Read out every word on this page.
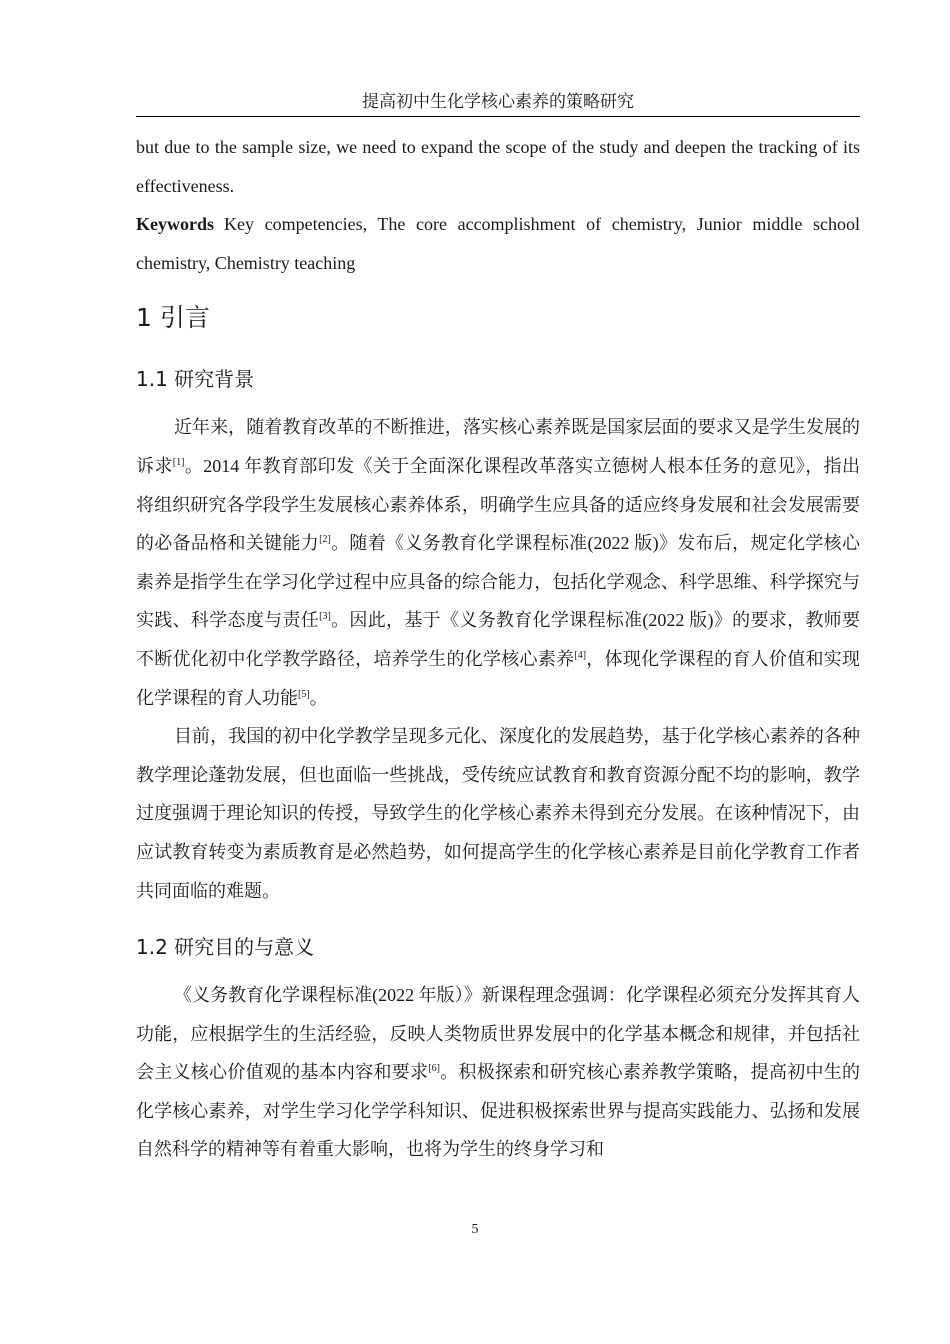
提高初中生化学核心素养的策略研究

but due to the sample size, we need to expand the scope of the study and deepen the tracking of its effectiveness.

Keywords Key competencies, The core accomplishment of chemistry, Junior middle school chemistry, Chemistry teaching

1 引言
1.1 研究背景

近年来，随着教育改革的不断推进，落实核心素养既是国家层面的要求又是学生发展的诉求[1]。2014 年教育部印发《关于全面深化课程改革落实立德树人根本任务的意见》，指出将组织研究各学段学生发展核心素养体系，明确学生应具备的适应终身发展和社会发展需要的必备品格和关键能力[2]。随着《义务教育化学课程标准(2022 版)》发布后，规定化学核心素养是指学生在学习化学过程中应具备的综合能力，包括化学观念、科学思维、科学探究与实践、科学态度与责任[3]。因此，基于《义务教育化学课程标准(2022 版)》的要求，教师要不断优化初中化学教学路径，培养学生的化学核心素养[4]，体现化学课程的育人价值和实现化学课程的育人功能[5]。

目前，我国的初中化学教学呈现多元化、深度化的发展趋势，基于化学核心素养的各种教学理论蓬勃发展，但也面临一些挑战，受传统应试教育和教育资源分配不均的影响，教学过度强调于理论知识的传授，导致学生的化学核心素养未得到充分发展。在该种情况下，由应试教育转变为素质教育是必然趋势，如何提高学生的化学核心素养是目前化学教育工作者共同面临的难题。

1.2 研究目的与意义

《义务教育化学课程标准(2022 年版）》新课程理念强调：化学课程必须充分发挥其育人功能，应根据学生的生活经验，反映人类物质世界发展中的化学基本概念和规律，并包括社会主义核心价值观的基本内容和要求[6]。积极探索和研究核心素养教学策略，提高初中生的化学核心素养，对学生学习化学学科知识、促进积极探索世界与提高实践能力、弘扬和发展自然科学的精神等有着重大影响，也将为学生的终身学习和

5
